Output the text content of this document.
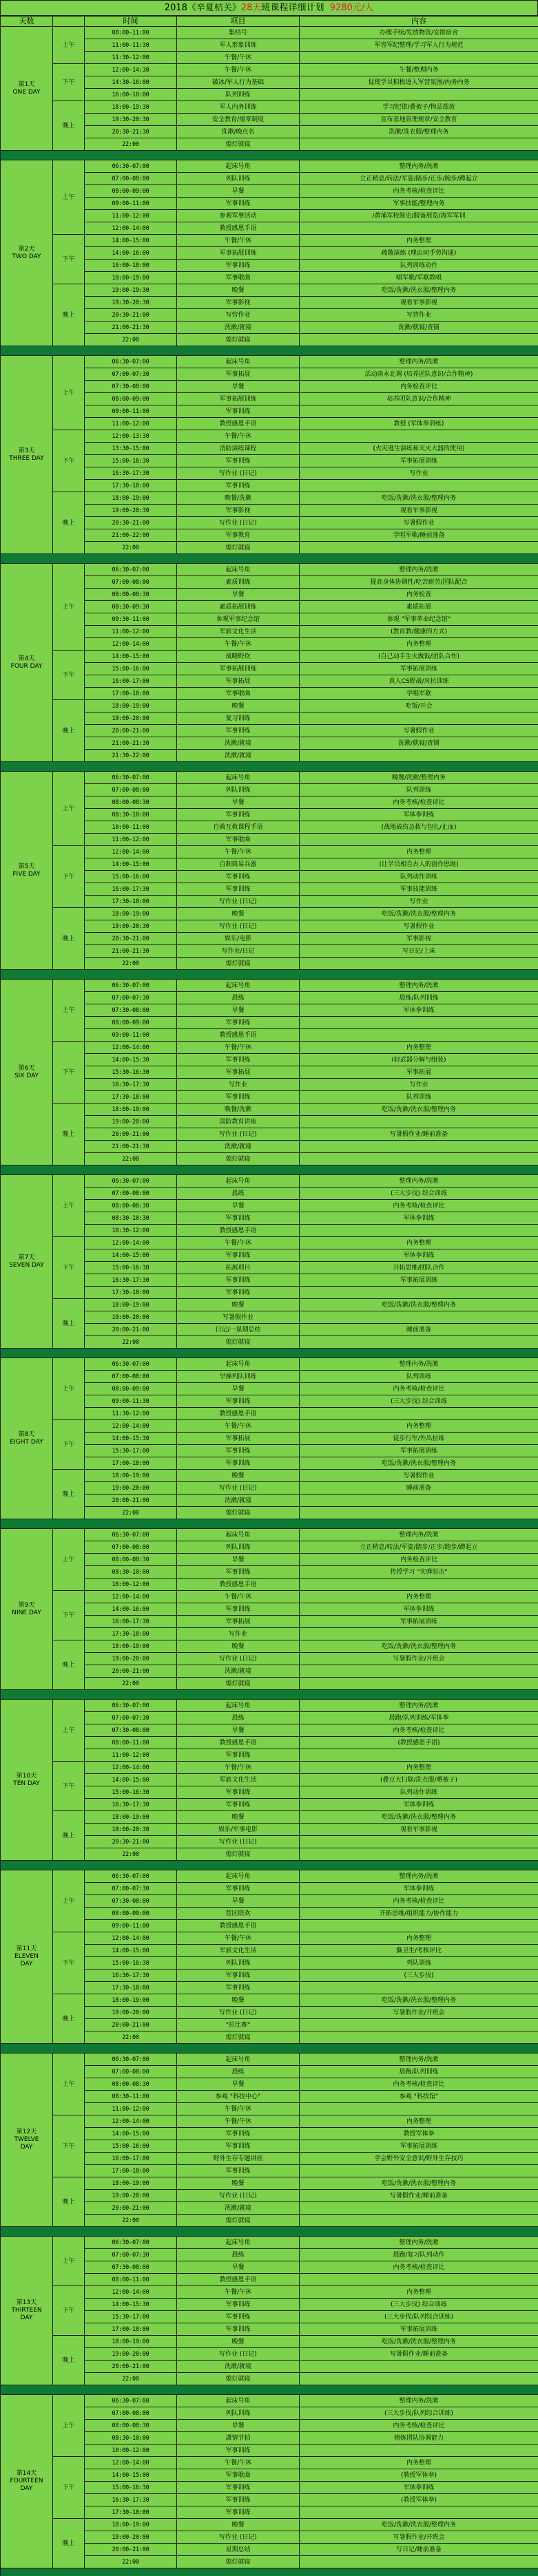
2018《辛夏桔关》28天班课程详细计划 9280元/人
天数		时间	项目	内容
第1天
ONE DAY	上午	08:00-11:00	集结号	办理手续/发放物资/安排宿舍
		11:00-11:30	军人形象训练	军容军纪整理/学习军人行为规范
		11:30-12:00	午餐/午休	
	下午	12:00-14:30	午餐/午休	午餐/整理内务
		14:30-16:00	破冰/军人行为基础	促使学员积极进入军营氛围/内务内务
		16:00-18:00	队列训练	
	晚上	18:00-19:30	军人内务训练	学习纪律/叠被子/物品摆放
		19:30-20:30	安全教育/规章制度	宣布基地管理规章/安全教育
		20:30-21:30	洗漱/晚点名	洗漱/洗衣服/整理内务
		22:00	熄灯就寝	

第2天
TWO DAY	上午	06:30-07:00	起床号角	整理内务/洗漱
		07:00-08:00	列队训练	立正稍息/转法/军姿/踏步/正步/跑步/蹲起立
		08:00-09:00	早餐	内务考核/检查评比
		09:00-11:00	军事训练	军事技能/整理内务
		11:00-12:00	参观军事活动	/黄埔军校简史/服备展览/海军军训
		12:00-14:00	教授感恩手语	
	下午	14:00-15:00	午餐/午休	内务整理
		14:00-16:00	军事拓展训练	疏散演练 (理由同手势沟通)
		16:00-18:00	军事训练	队列训练动作
		18:00-19:00	军事歌曲	唱军歌/军歌教唱
	晚上	19:00-19:30	晚餐	吃饭/洗漱/洗衣服/整理内务
		19:30-20:30	军事影视	观看军事影视
		20:30-21:00	写营作业	写营作业
		21:00-21:30	洗漱/就寝	洗漱/就寝/查铺
		22:00	熄灯就寝	

第3天
THREE DAY	上午	06:30-07:00	起床号角	整理内务/洗漱
		07:00-07:30	军事拓展	活动南永北调 (培养团队意识/合作精神)
		07:30-08:00	早餐	内务检查评比
		08:00-09:00	军事拓展训练	培养团队意识/合作精神
		09:00-11:00	军事训练	
		11:00-12:00	教授感恩手语	教授 (军体拳训练)
	下午	12:00-13:30	午餐/午休	
		13:30-15:00	消防演练课程	(火灾逃生演练和灭火大器的使用)
		15:00-16:30	军事训练	军事拓展训练
		16:30-17:30	写作业 (日记)	写作业
		17:30-18:00	军事训练	
	晚上	18:00-19:00	晚餐/洗漱	吃饭/洗漱/洗衣服/整理内务
		19:00-20:30	军事影视	观看军事影视
		20:30-21:00	写作业 (日记)	写暑假作业
		21:00-22:00	军事教育	学唱军歌/睡前准备
		22:00	熄灯就寝	

第4天
FOUR DAY	上午	06:30-07:00	起床号角	整理内务/洗漱
		07:00-08:00	素质训练	提高身体协调性/吃苦耐劳/团队配合
		08:00-08:30	早餐	内务检查
		08:30-09:30	素质拓展训练	素质拓展
		09:30-11:00	参观军事纪念馆	参观 "军事革命纪念馆"
		11:00-12:00	军旅文化生活	(教育教/健康的方式)
		12:00-14:00	午餐/午休	内务整理
	下午	14:00-15:00	战略野炊	(自己动手生火做饭/团队合作)
		15:00-16:00	军事拓展训练	军事拓展训练
		16:00-17:00	军事拓展	真人CS野战/对抗训练
		17:00-18:00	军事歌曲	学唱军歌
	晚上	18:00-19:00	晚餐	吃饭/开会
		19:00-20:00	复习训练	
		20:00-21:00	军事训练	写暑假作业
		21:00-21:30	洗漱/就寝	洗漱/就寝/查铺
		21:30-22:00	洗漱/就寝	

第5天
FIVE DAY	上午	06:30-07:00	起床号角	晚餐/洗漱/整理内务
		07:00-08:00	列队训练	队列训练
		08:00-08:30	早餐	内务考核/检查评比
		08:30-10:00	军事训练	军体拳训练
		10:00-11:00	自救互救课程手语	(战地战伤急救与包扎/止血)
		11:00-12:00	军事歌曲	
	下午	12:00-14:00	午餐/午休	内务整理
		14:00-15:00	自制简易兵器	(让学员相自古人的创作思维)
		15:00-16:00	军事训练	队列动作训练
		16:00-17:30	军事训练	军事技能训练
		17:30-18:00	写作业 (日记)	写作业
	晚上	18:00-19:00	晚餐	吃饭/洗漱/洗衣服/整理内务
		19:00-20:30	写作业 (日记)	写暑假作业
		20:30-21:00	娱乐/电影	军事影视
		21:00-21:30	写作业/日记	写日记/上床
		22:00	熄灯就寝	

第6天
SIX DAY	上午	06:30-07:00	起床号角	整理内务/洗漱
		07:00-07:30	晨练	晨练/队列训练
		07:30-08:00	早餐	军体拳训练
		08:00-09:00	军事训练	
		09:00-11:00	教授感恩手语	
	下午	12:00-14:00	午餐/午休	内务整理
		14:00-15:30	军事训练	(轻武器分解与组装)
		15:30-16:30	军事拓展	军事拓展
		16:30-17:30	写作业	写作业
		17:30-18:00	军事训练	队列训练
	晚上	18:00-19:00	晚餐/洗漱	吃饭/洗漱/洗衣服/整理内务
		19:00-20:00	国防教育讲座	
		20:00-21:00	写作业 (日记)	写暑假作业/睡前准备
		21:00-21:30	洗漱/就寝	
		22:00	熄灯就寝	

第7天
SEVEN DAY	上午	06:30-07:00	起床号角	整理内务/洗漱
		07:00-08:00	晨练	(三大步伐) 综合训练
		08:00-08:30	早餐	内务考核/检查评比
		08:30-10:30	军事训练	军体拳训练
		10:30-12:00	教授感恩手语	
	下午	12:00-14:00	午餐/午休	内务整理
		14:00-15:00	军事训练	军体拳训练
		15:00-16:30	拓展项目	开拓思维/团队合作
		16:30-17:30	军事训练	军事拓展训练
		17:30-18:00	军事训练	
	晚上	18:00-19:00	晚餐	吃饭/洗漱/洗衣服/整理内务
		19:00-20:00	写暑假作业	
		20:00-21:00	日记/一星期总结	睡前准备
		22:00	熄灯就寝	

第8天
EIGHT DAY	上午	06:30-07:00	起床号角	整理内务/洗漱
		07:00-08:00	早操列队训练	队列训练
		08:00-09:00	早餐	内务考核/检查评比
		09:00-11:30	军事训练	(三大步伐) 综合训练
		11:30-12:00	教授感恩手语	
	下午	12:00-14:00	午餐/午休	内务整理
		14:00-15:30	军事拓展	徒步行军/外出拉练
		15:30-17:00	军事训练	军事拓展训练
		17:00-18:00	军事训练	吃饭/洗漱/洗衣服/整理内务
	晚上	18:00-19:00	晚餐	写暑假作业
		19:00-20:00	写作业 (日记)	睡前准备
		20:00-21:00	洗漱/就寝	
		22:00	熄灯就寝	

第9天
NINE DAY	上午	06:30-07:00	起床号角	整理内务/洗漱
		07:00-08:00	列队训练	立正稍息/转法/军姿/踏步/正步/跑步/蹲起立
		08:00-08:30	早餐	内务检查评比
		08:30-10:00	军事训练	传授学习 "实弹射击"
		10:00-12:00	教授感恩手语	
	下午	12:00-14:00	午餐/午休	内务整理
		14:00-16:00	军事训练	军体拳训练
		16:00-17:30	军事拓展	军事拓展训练
		17:30-18:00	写作业	
	晚上	18:00-19:00	晚餐	吃饭/洗漱/洗衣服/整理内务
		19:00-20:00	写作业 (日记)	写暑假作业/开班会
		20:00-21:00	洗漱/就寝	
		22:00	熄灯就寝	

第10天
TEN DAY	上午	06:30-07:00	起床号角	整理内务/洗漱
		07:00-07:30	晨练	晨跑/队列训练/军体拳
		07:30-08:00	早餐	内务考核/检查评比
		08:00-11:00	教授感恩手语	(教授感恩手语)
		11:00-12:00	军事训练	
	下午	12:00-14:00	午餐/午休	内务整理
		14:00-15:00	军旅文化生活	(叠豆大扫除/洗衣服/晒被子)
		15:00-16:30	军事训练	队列动作训练
		16:30-17:30	军事训练	军体拳训练
	晚上	18:00-19:00	晚餐	吃饭/洗漱/洗衣服/整理内务
		19:00-20:30	娱乐/军事电影	观看军事影视
		20:30-21:00	写作业 (日记)	
		22:00	熄灯就寝	

第11天
ELEVEN
DAY	上午	06:30-07:00	起床号角	整理内务/洗漱
		07:00-07:30	军事训练	军体拳训练
		07:30-08:00	早餐	内务考核/检查评比
		08:00-09:00	营区联欢	开拓思维/组织能力/协作能力
		09:00-11:00	教授感恩手语	
	下午	12:00-14:00	午餐/午休	内务整理
		14:00-15:00	军旅文化生活	撕卫生/考核评比
		15:00-16:30	列队训练	列队训练
		16:30-17:30	军事训练	(三大步伐)
		17:30-18:00	军事训练	
	晚上	18:00-19:00	晚餐	吃饭/洗漱/洗衣服/整理内务
		19:00-20:00	写作业 (日记)	写暑假作业/开班会
		20:00-21:00	"拉比赛"	
		22:00	熄灯就寝	

第12天
TWELVE
DAY	上午	06:30-07:00	起床号角	整理内务/洗漱
		07:00-08:00	晨练	晨跑/队列训练
		08:00-08:30	早餐	内务考核/检查评比
		08:30-11:00	参观 "科技中心"	参观 "科技馆"
		11:00-12:00	午餐/午休	
	下午	12:00-14:00	午餐/午休	内务整理
		14:00-15:00	军事训练	教授军体拳
		15:00-16:00	军事训练	军事拓展训练
		16:00-17:00	野外生存专题讲座	学会野外安全意识/野外生存技巧
		17:00-18:00	军事训练	
	晚上	18:00-19:00	晚餐	吃饭/洗漱/洗衣服/整理内务
		19:00-20:00	写作业 (日记)	写暑假作业/睡前准备
		20:00-21:00	洗漱/就寝	
		22:00	熄灯就寝	

第13天
THIRTEEN
DAY	上午	06:30-07:00	起床号角	整理内务/洗漱
		07:00-07:30	晨练	晨跑/复习队列动作
		07:30-08:00	早餐	内务考核/检查评比
		08:00-11:00	教授感恩手语	
	下午	12:00-14:00	午餐/午休	内务整理
		14:00-15:30	军事训练	(三大步伐) 综合训练
		15:30-17:00	军事训练	(三大步伐/队列综合训练)
		17:00-18:00	军事训练	军事拓展训练
	晚上	18:00-19:00	晚餐	吃饭/洗漱/洗衣服/整理内务
		19:00-20:00	写作业 (日记)	写暑假作业/睡前准备
		20:00-21:00	洗漱/就寝	
		22:00	熄灯就寝	

第14天
FOURTEEN
DAY	上午	06:30-07:00	起床号角	整理内务/洗漱
		07:00-08:00	列队训练	(三大步伐/队列综合训练)
		08:00-08:30	早餐	内务考核/检查评比
		08:30-10:00	潇情节拍	熔炼团队协调能力
		10:00-12:00	军事训练	
	下午	12:00-14:00	午餐/午休	内务整理
		14:00-15:00	军事歌曲	(教授军体拳)
		15:00-16:30	军事训练	军体拳训练
		16:30-17:30	军事训练	(教授军体拳)
		17:30-18:00	军事训练	
	晚上	18:00-19:00	晚餐	吃饭/洗漱/洗衣服/整理内务
		19:00-20:00	写作业 (日记)	写暑假作业/开班会
		20:00-21:00	星期总结	写日记/睡前准备
		22:00	熄灯就寝	
